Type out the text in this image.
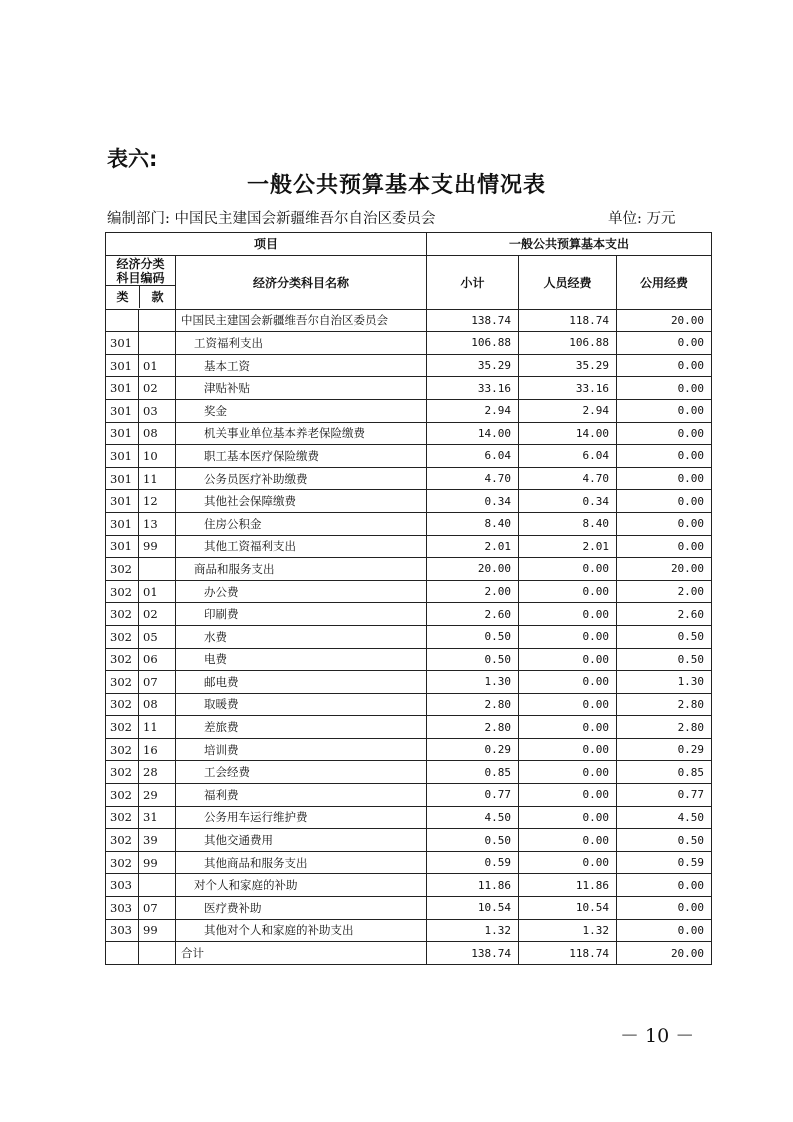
表六:
一般公共预算基本支出情况表
编制部门: 中国民主建国会新疆维吾尔自治区委员会	单位: 万元
项目			一般公共预算基本支出		

经济分类
科目编码
类 款		经济分类科目名称	小计	人员经费	公用经费
		中国民主建国会新疆维吾尔自治区委员会	138.74	118.74	20.00
301		工资福利支出	106.88	106.88	0.00
301	01	基本工资	35.29	35.29	0.00
301	02	津贴补贴	33.16	33.16	0.00
301	03	奖金	2.94	2.94	0.00
301	08	机关事业单位基本养老保险缴费	14.00	14.00	0.00
301	10	职工基本医疗保险缴费	6.04	6.04	0.00
301	11	公务员医疗补助缴费	4.70	4.70	0.00
301	12	其他社会保障缴费	0.34	0.34	0.00
301	13	住房公积金	8.40	8.40	0.00
301	99	其他工资福利支出	2.01	2.01	0.00
302		商品和服务支出	20.00	0.00	20.00
302	01	办公费	2.00	0.00	2.00
302	02	印刷费	2.60	0.00	2.60
302	05	水费	0.50	0.00	0.50
302	06	电费	0.50	0.00	0.50
302	07	邮电费	1.30	0.00	1.30
302	08	取暖费	2.80	0.00	2.80
302	11	差旅费	2.80	0.00	2.80
302	16	培训费	0.29	0.00	0.29
302	28	工会经费	0.85	0.00	0.85
302	29	福利费	0.77	0.00	0.77
302	31	公务用车运行维护费	4.50	0.00	4.50
302	39	其他交通费用	0.50	0.00	0.50
302	99	其他商品和服务支出	0.59	0.00	0.59
303		对个人和家庭的补助	11.86	11.86	0.00
303	07	医疗费补助	10.54	10.54	0.00
303	99	其他对个人和家庭的补助支出	1.32	1.32	0.00
		合计	138.74	118.74	20.00
－ 10 －
